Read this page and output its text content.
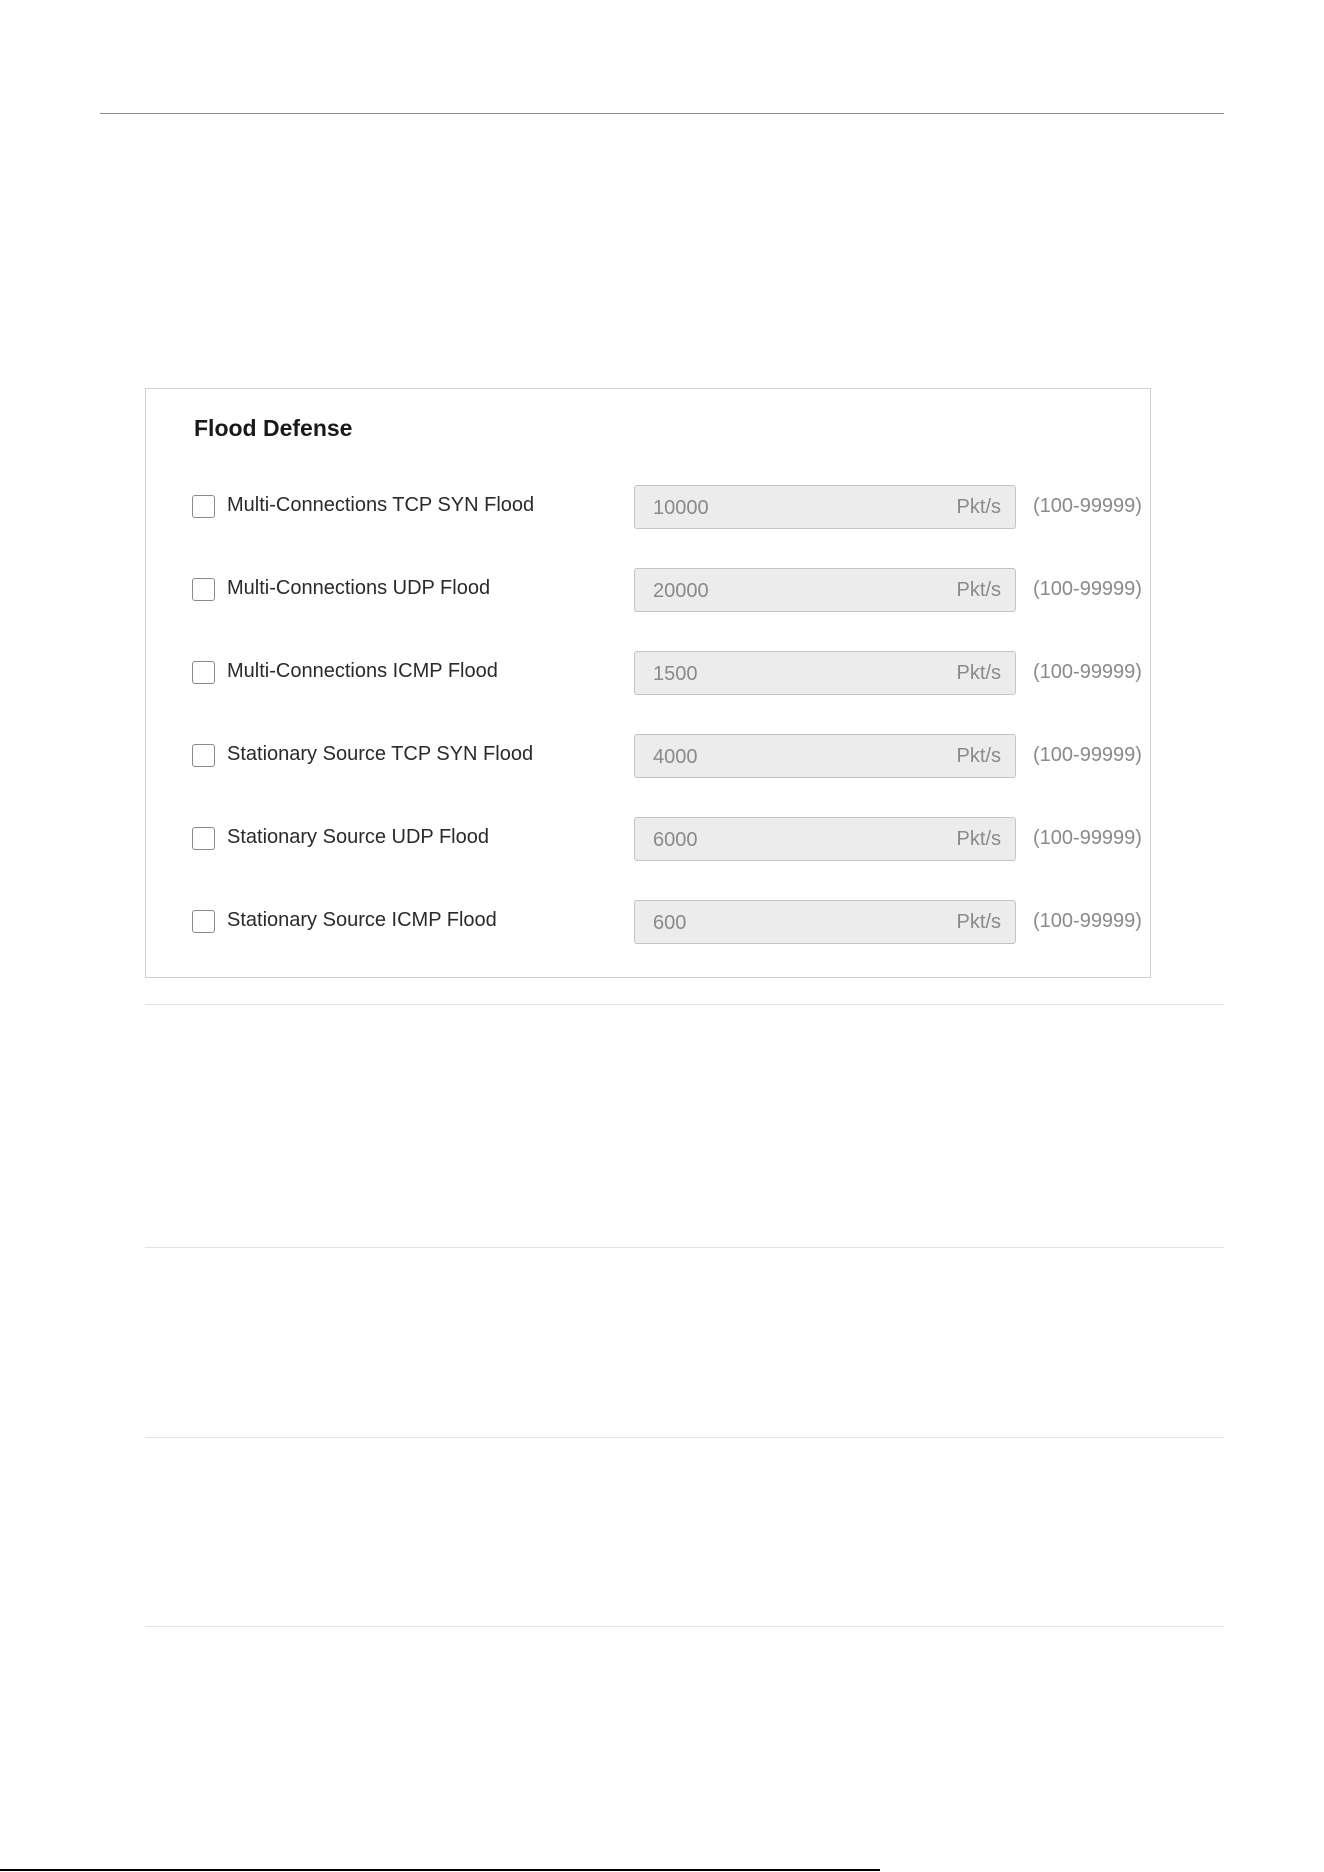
Flood Defense
Multi-Connections TCP SYN Flood	10000	Pkt/s (100-99999)
Multi-Connections UDP Flood	20000	Pkt/s (100-99999)
Multi-Connections ICMP Flood	1500	Pkt/s (100-99999)
Stationary Source TCP SYN Flood	4000	Pkt/s (100-99999)
Stationary Source UDP Flood	6000	Pkt/s (100-99999)
Stationary Source ICMP Flood	600	Pkt/s (100-99999)
